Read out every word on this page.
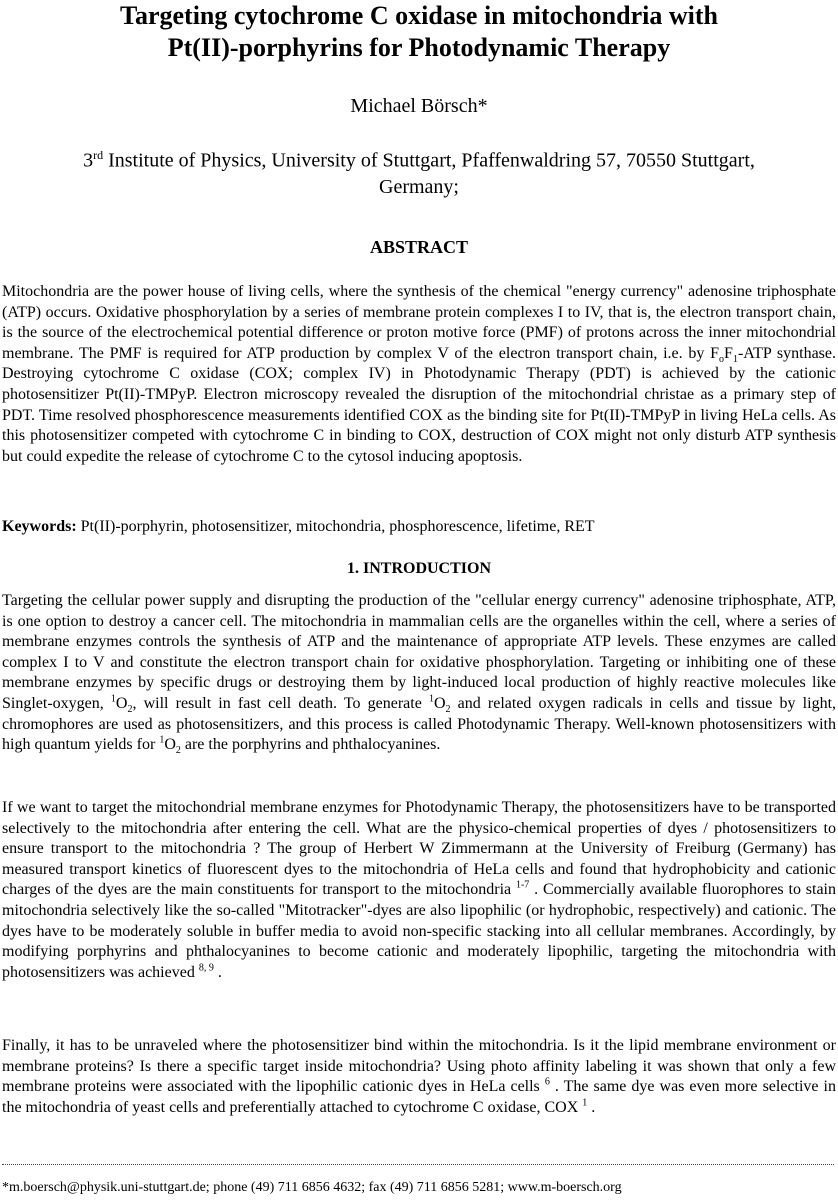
Targeting cytochrome C oxidase in mitochondria with
Pt(II)-porphyrins for Photodynamic Therapy
Michael Börsch*
3rd Institute of Physics, University of Stuttgart, Pfaffenwaldring 57, 70550 Stuttgart,
Germany;
ABSTRACT

Mitochondria are the power house of living cells, where the synthesis of the chemical "energy currency" adenosine triphosphate (ATP) occurs. Oxidative phosphorylation by a series of membrane protein complexes I to IV, that is, the electron transport chain, is the source of the electrochemical potential difference or proton motive force (PMF) of protons across the inner mitochondrial membrane. The PMF is required for ATP production by complex V of the electron transport chain, i.e. by $F_oF_1$-ATP synthase. Destroying cytochrome C oxidase (COX; complex IV) in Photodynamic Therapy (PDT) is achieved by the cationic photosensitizer Pt(II)-TMPyP. Electron microscopy revealed the disruption of the mitochondrial christae as a primary step of PDT. Time resolved phosphorescence measurements identified COX as the binding site for Pt(II)-TMPyP in living HeLa cells. As this photosensitizer competed with cytochrome C in binding to COX, destruction of COX might not only disturb ATP synthesis but could expedite the release of cytochrome C to the cytosol inducing apoptosis.

Keywords: Pt(II)-porphyrin, photosensitizer, mitochondria, phosphorescence, lifetime, RET
1. INTRODUCTION

Targeting the cellular power supply and disrupting the production of the "cellular energy currency" adenosine triphosphate, ATP, is one option to destroy a cancer cell. The mitochondria in mammalian cells are the organelles within the cell, where a series of membrane enzymes controls the synthesis of ATP and the maintenance of appropriate ATP levels. These enzymes are called complex I to V and constitute the electron transport chain for oxidative phosphorylation. Targeting or inhibiting one of these membrane enzymes by specific drugs or destroying them by light-induced local production of highly reactive molecules like Singlet-oxygen, $^1O_2$, will result in fast cell death. To generate $^1O_2$ and related oxygen radicals in cells and tissue by light, chromophores are used as photosensitizers, and this process is called Photodynamic Therapy. Well-known photosensitizers with high quantum yields for $^1O_2$ are the porphyrins and phthalocyanines.

If we want to target the mitochondrial membrane enzymes for Photodynamic Therapy, the photosensitizers have to be transported selectively to the mitochondria after entering the cell. What are the physico-chemical properties of dyes / photosensitizers to ensure transport to the mitochondria ? The group of Herbert W Zimmermann at the University of Freiburg (Germany) has measured transport kinetics of fluorescent dyes to the mitochondria of HeLa cells and found that hydrophobicity and cationic charges of the dyes are the main constituents for transport to the mitochondria $^{1-7}$ . Commercially available fluorophores to stain mitochondria selectively like the so-called "Mitotracker"-dyes are also lipophilic (or hydrophobic, respectively) and cationic. The dyes have to be moderately soluble in buffer media to avoid non-specific stacking into all cellular membranes. Accordingly, by modifying porphyrins and phthalocyanines to become cationic and moderately lipophilic, targeting the mitochondria with photosensitizers was achieved $^{8, 9}$ .

Finally, it has to be unraveled where the photosensitizer bind within the mitochondria. Is it the lipid membrane environment or membrane proteins? Is there a specific target inside mitochondria? Using photo affinity labeling it was shown that only a few membrane proteins were associated with the lipophilic cationic dyes in HeLa cells $^6$ . The same dye was even more selective in the mitochondria of yeast cells and preferentially attached to cytochrome C oxidase, COX $^1$ .

*m.boersch@physik.uni-stuttgart.de; phone (49) 711 6856 4632; fax (49) 711 6856 5281; www.m-boersch.org
